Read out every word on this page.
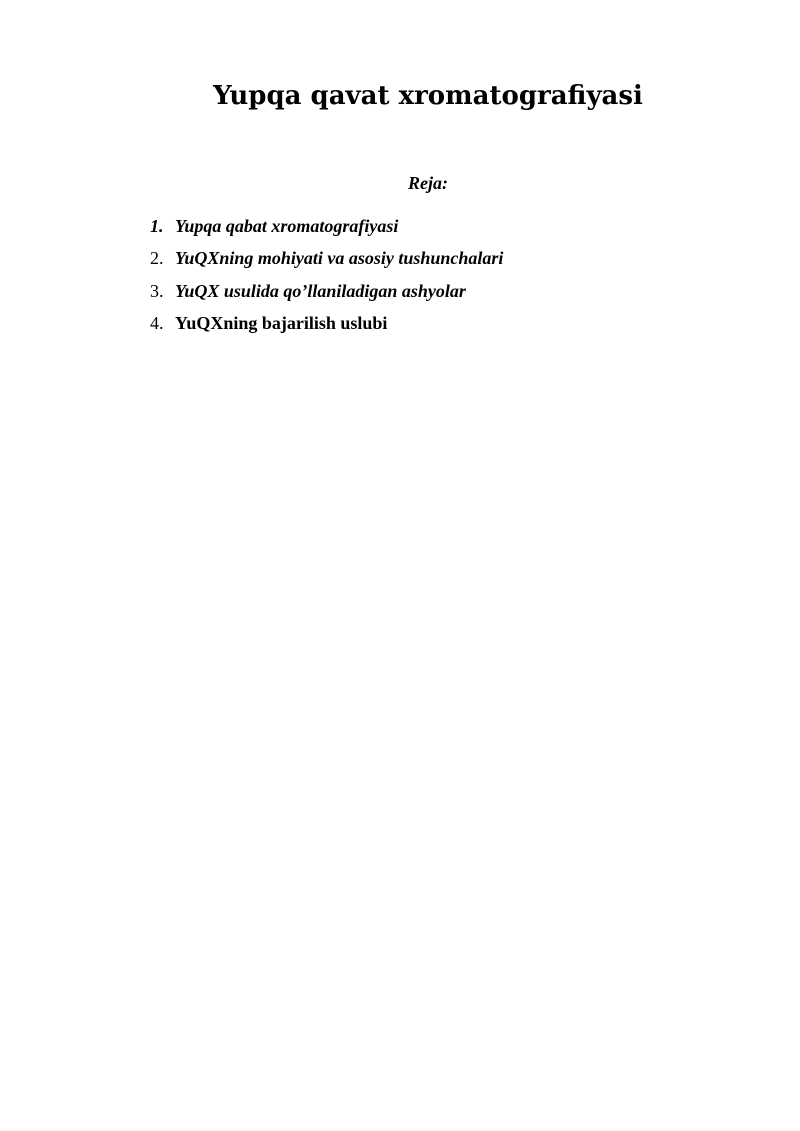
Yupqa qavat xromatografiyasi

Reja:

1. Yupqa qabat xromatografiyasi
2. YuQXning mohiyati va asosiy tushunchalari
3. YuQX usulida qo’llaniladigan ashyolar
4. YuQXning bajarilish uslubi
